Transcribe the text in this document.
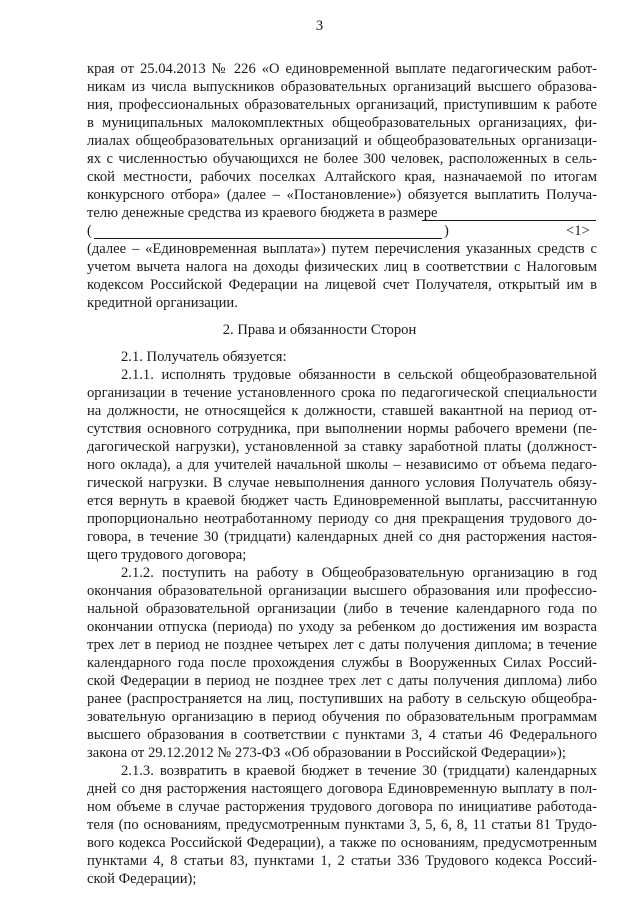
3
края от 25.04.2013 № 226 «О единовременной выплате педагогическим работ-
никам из числа выпускников образовательных организаций высшего образова-
ния, профессиональных образовательных организаций, приступившим к работе
в муниципальных малокомплектных общеобразовательных организациях, фи-
лиалах общеобразовательных организаций и общеобразовательных организаци-
ях с численностью обучающихся не более 300 человек, расположенных в сель-
ской местности, рабочих поселках Алтайского края, назначаемой по итогам
конкурсного отбора» (далее – «Постановление») обязуется выплатить Получа-
телю денежные средства из краевого бюджета в размере
(	)	<1>
(далее – «Единовременная выплата») путем перечисления указанных средств с
учетом вычета налога на доходы физических лиц в соответствии с Налоговым
кодексом Российской Федерации на лицевой счет Получателя, открытый им в
кредитной организации.
2. Права и обязанности Сторон
2.1. Получатель обязуется:
2.1.1. исполнять трудовые обязанности в сельской общеобразовательной
организации в течение установленного срока по педагогической специальности
на должности, не относящейся к должности, ставшей вакантной на период от-
сутствия основного сотрудника, при выполнении нормы рабочего времени (пе-
дагогической нагрузки), установленной за ставку заработной платы (должност-
ного оклада), а для учителей начальной школы – независимо от объема педаго-
гической нагрузки. В случае невыполнения данного условия Получатель обязу-
ется вернуть в краевой бюджет часть Единовременной выплаты, рассчитанную
пропорционально неотработанному периоду со дня прекращения трудового до-
говора, в течение 30 (тридцати) календарных дней со дня расторжения настоя-
щего трудового договора;
2.1.2. поступить на работу в Общеобразовательную организацию в год
окончания образовательной организации высшего образования или профессио-
нальной образовательной организации (либо в течение календарного года по
окончании отпуска (периода) по уходу за ребенком до достижения им возраста
трех лет в период не позднее четырех лет с даты получения диплома; в течение
календарного года после прохождения службы в Вооруженных Силах Россий-
ской Федерации в период не позднее трех лет с даты получения диплома) либо
ранее (распространяется на лиц, поступивших на работу в сельскую общеобра-
зовательную организацию в период обучения по образовательным программам
высшего образования в соответствии с пунктами 3, 4 статьи 46 Федерального
закона от 29.12.2012 № 273-ФЗ «Об образовании в Российской Федерации»);
2.1.3. возвратить в краевой бюджет в течение 30 (тридцати) календарных
дней со дня расторжения настоящего договора Единовременную выплату в пол-
ном объеме в случае расторжения трудового договора по инициативе работода-
теля (по основаниям, предусмотренным пунктами 3, 5, 6, 8, 11 статьи 81 Трудо-
вого кодекса Российской Федерации), а также по основаниям, предусмотренным
пунктами 4, 8 статьи 83, пунктами 1, 2 статьи 336 Трудового кодекса Россий-
ской Федерации);
